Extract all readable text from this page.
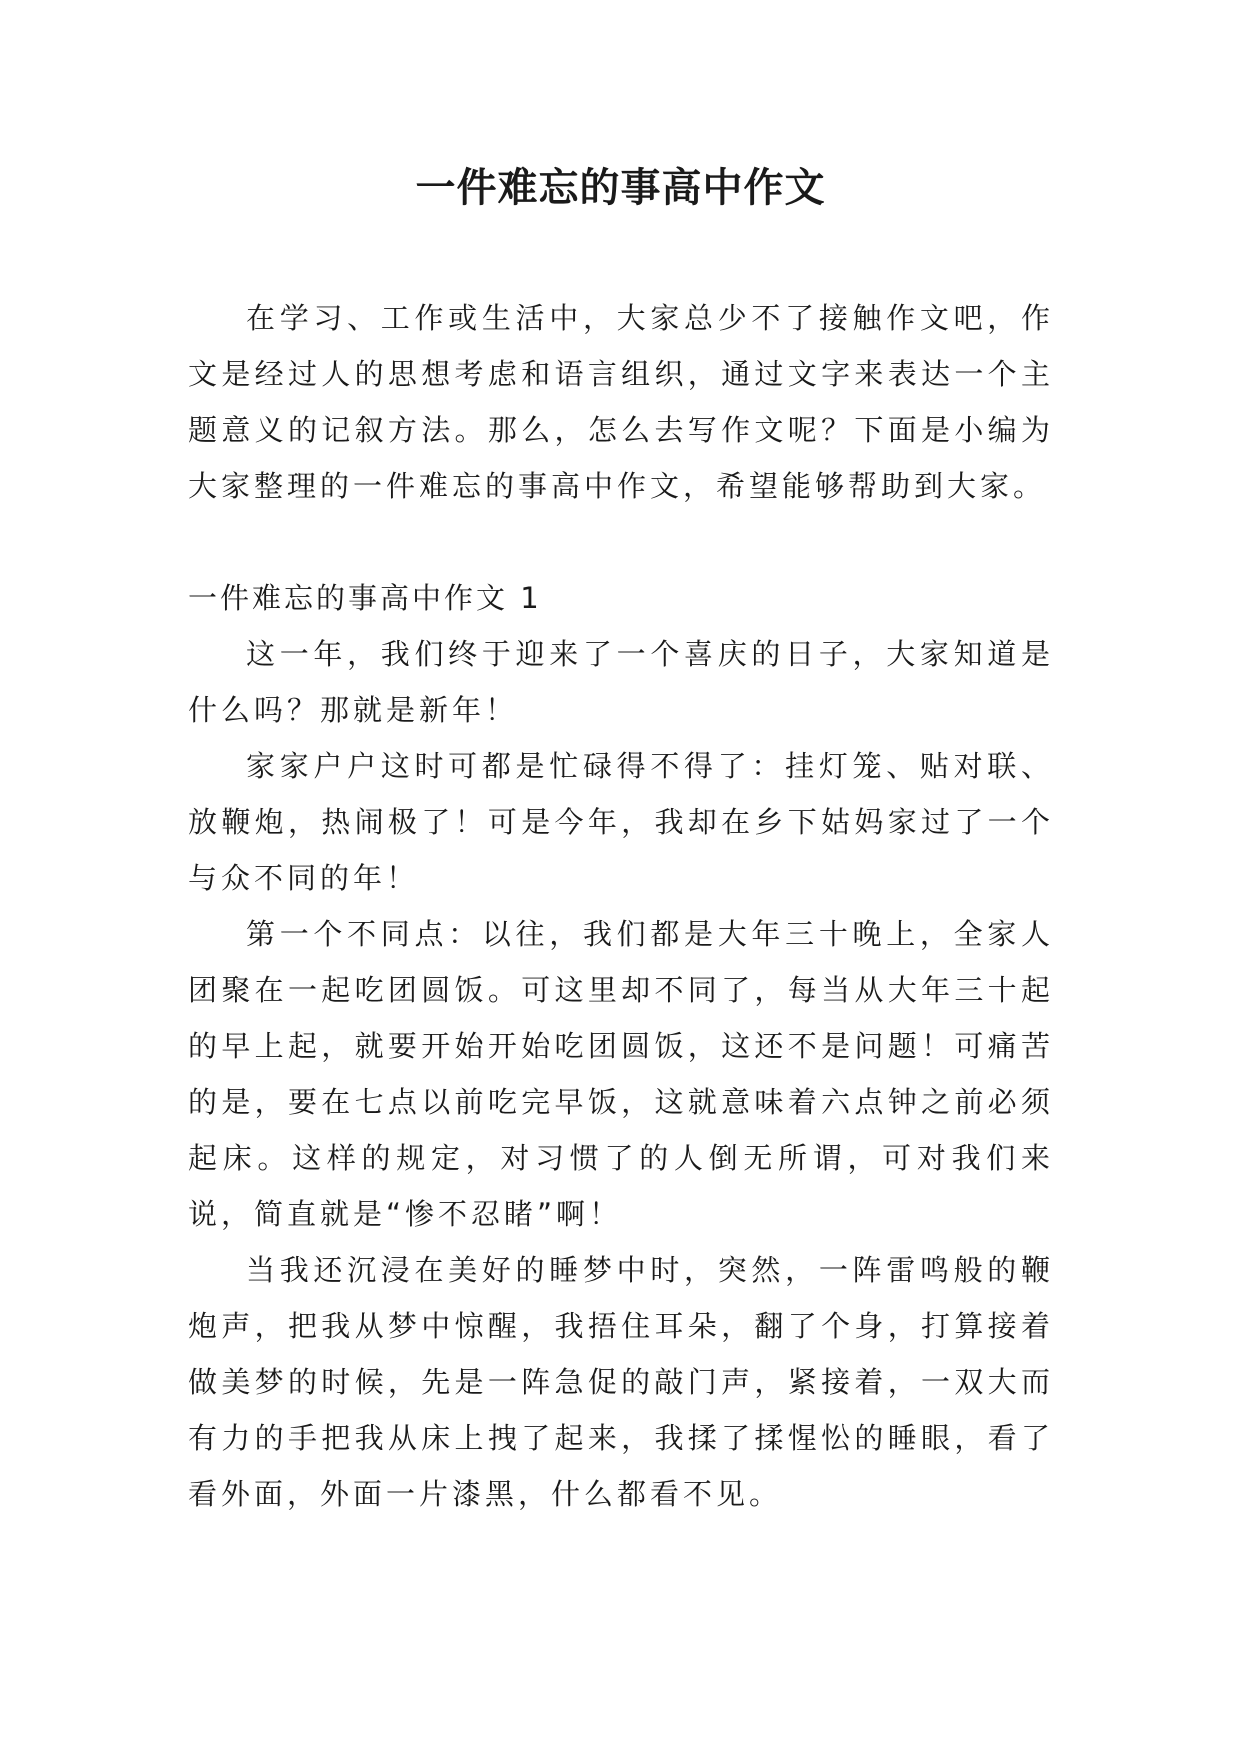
一件难忘的事高中作文

在学习、工作或生活中，大家总少不了接触作文吧，作文是经过人的思想考虑和语言组织，通过文字来表达一个主题意义的记叙方法。那么，怎么去写作文呢？下面是小编为大家整理的一件难忘的事高中作文，希望能够帮助到大家。

一件难忘的事高中作文 1

这一年，我们终于迎来了一个喜庆的日子，大家知道是什么吗？那就是新年！

家家户户这时可都是忙碌得不得了：挂灯笼、贴对联、放鞭炮，热闹极了！可是今年，我却在乡下姑妈家过了一个与众不同的年！

第一个不同点：以往，我们都是大年三十晚上，全家人团聚在一起吃团圆饭。可这里却不同了，每当从大年三十起的早上起，就要开始开始吃团圆饭，这还不是问题！可痛苦的是，要在七点以前吃完早饭，这就意味着六点钟之前必须起床。这样的规定，对习惯了的人倒无所谓，可对我们来说，简直就是“惨不忍睹”啊！

当我还沉浸在美好的睡梦中时，突然，一阵雷鸣般的鞭炮声，把我从梦中惊醒，我捂住耳朵，翻了个身，打算接着做美梦的时候，先是一阵急促的敲门声，紧接着，一双大而有力的手把我从床上拽了起来，我揉了揉惺忪的睡眼，看了看外面，外面一片漆黑，什么都看不见。
